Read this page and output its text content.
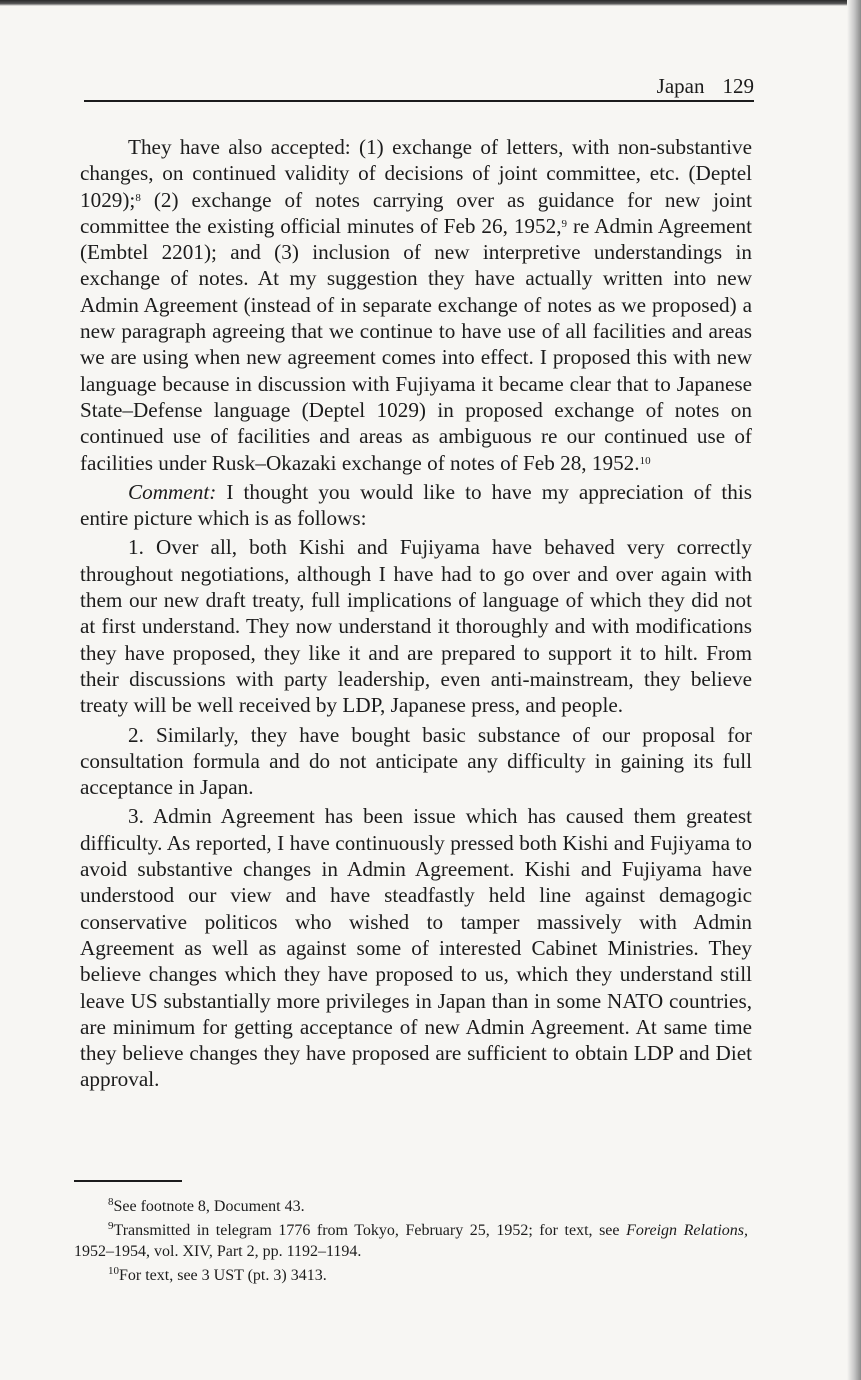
Japan 129

They have also accepted: (1) exchange of letters, with non-substantive changes, on continued validity of decisions of joint committee, etc. (Deptel 1029);$^8$ (2) exchange of notes carrying over as guidance for new joint committee the existing official minutes of Feb 26, 1952,$^9$ re Admin Agreement (Embtel 2201); and (3) inclusion of new interpretive understandings in exchange of notes. At my suggestion they have actually written into new Admin Agreement (instead of in separate exchange of notes as we proposed) a new paragraph agreeing that we continue to have use of all facilities and areas we are using when new agreement comes into effect. I proposed this with new language because in discussion with Fujiyama it became clear that to Japanese State–Defense language (Deptel 1029) in proposed exchange of notes on continued use of facilities and areas as ambiguous re our continued use of facilities under Rusk–Okazaki exchange of notes of Feb 28, 1952.10

Comment: I thought you would like to have my appreciation of this entire picture which is as follows:

1. Over all, both Kishi and Fujiyama have behaved very correctly throughout negotiations, although I have had to go over and over again with them our new draft treaty, full implications of language of which they did not at first understand. They now understand it thoroughly and with modifications they have proposed, they like it and are prepared to support it to hilt. From their discussions with party leadership, even anti-mainstream, they believe treaty will be well received by LDP, Japanese press, and people.

2. Similarly, they have bought basic substance of our proposal for consultation formula and do not anticipate any difficulty in gaining its full acceptance in Japan.

3. Admin Agreement has been issue which has caused them greatest difficulty. As reported, I have continuously pressed both Kishi and Fujiyama to avoid substantive changes in Admin Agreement. Kishi and Fujiyama have understood our view and have steadfastly held line against demagogic conservative politicos who wished to tamper massively with Admin Agreement as well as against some of interested Cabinet Ministries. They believe changes which they have proposed to us, which they understand still leave US substantially more privileges in Japan than in some NATO countries, are minimum for getting acceptance of new Admin Agreement. At same time they believe changes they have proposed are sufficient to obtain LDP and Diet approval.

$^8$See footnote 8, Document 43.

$^9$Transmitted in telegram 1776 from Tokyo, February 25, 1952; for text, see Foreign Relations, 1952–1954, vol. XIV, Part 2, pp. 1192–1194.

$^{10}$For text, see 3 UST (pt. 3) 3413.
